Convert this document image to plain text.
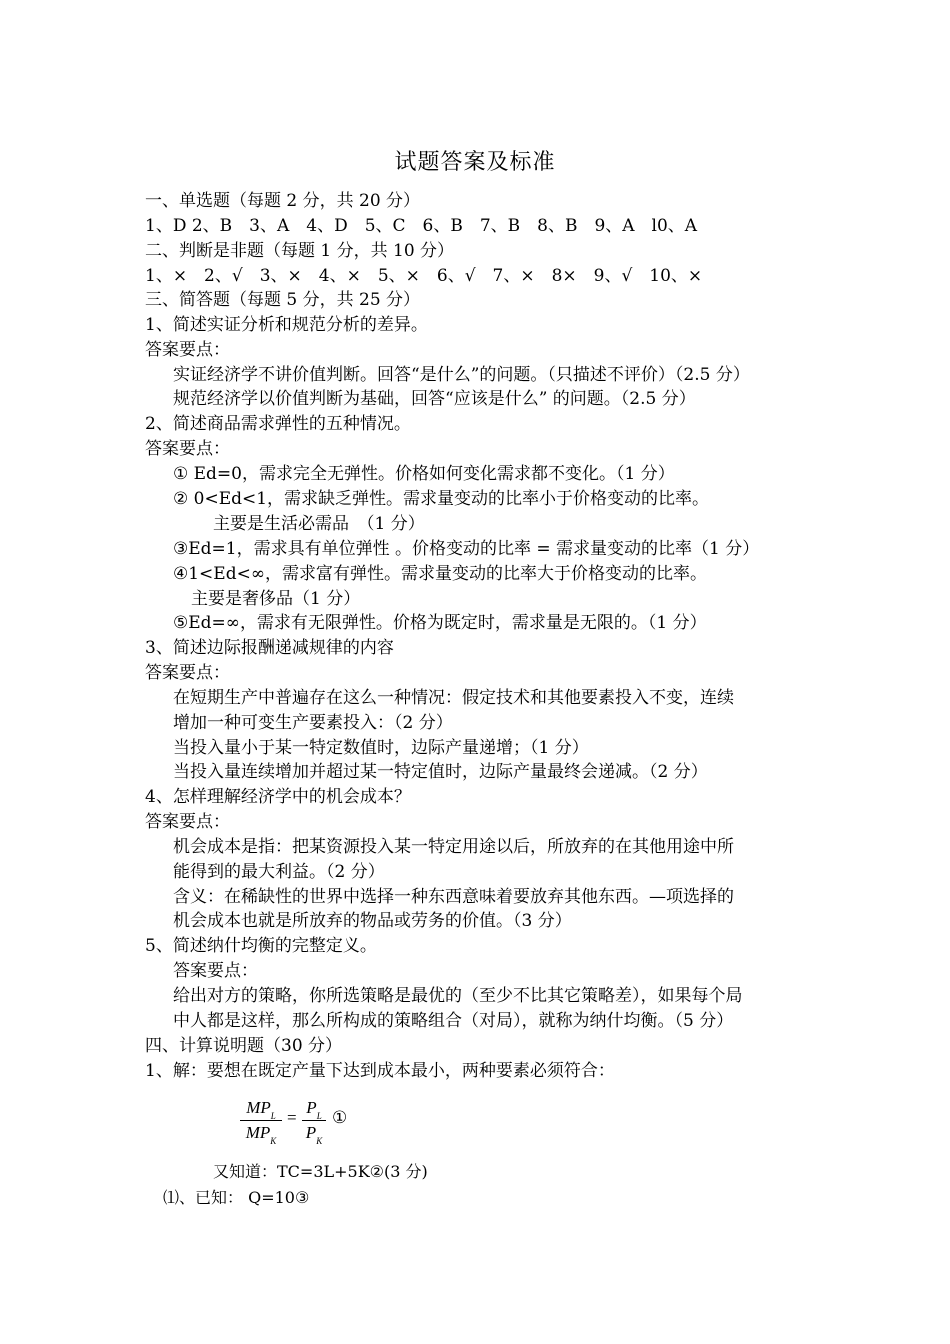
试题答案及标准
一、单选题（每题 2 分，共 20 分）
1、D 2、B　3、A　4、D　5、C　6、B　7、B　8、B　9、A　l0、A
二、判断是非题（每题 1 分，共 10 分）
1、×　2、√　3、×　4、×　5、×　6、√　7、×　8×　9、√　10、×
三、简答题（每题 5 分，共 25 分）
1、简述实证分析和规范分析的差异。
答案要点：
实证经济学不讲价值判断。回答“是什么”的问题。（只描述不评价）（2.5 分）
规范经济学以价值判断为基础，回答“应该是什么” 的问题。（2.5 分）
2、简述商品需求弹性的五种情况。
答案要点：
① Ed=0，需求完全无弹性。价格如何变化需求都不变化。（1 分）
② 0<Ed<1，需求缺乏弹性。需求量变动的比率小于价格变动的比率。
主要是生活必需品　（1 分）
③Ed=1，需求具有单位弹性 。价格变动的比率 = 需求量变动的比率（1 分）
④1<Ed<∞，需求富有弹性。需求量变动的比率大于价格变动的比率。
主要是奢侈品（1 分）
⑤Ed=∞，需求有无限弹性。价格为既定时，需求量是无限的。（1 分）
3、简述边际报酬递减规律的内容
答案要点：
在短期生产中普遍存在这么一种情况：假定技术和其他要素投入不变，连续
增加一种可变生产要素投入：（2 分）
当投入量小于某一特定数值时，边际产量递增；（1 分）
当投入量连续增加并超过某一特定值时，边际产量最终会递减。（2 分）
4、怎样理解经济学中的机会成本？
答案要点：
机会成本是指：把某资源投入某一特定用途以后，所放弃的在其他用途中所
能得到的最大利益。（2 分）
含义：在稀缺性的世界中选择一种东西意味着要放弃其他东西。—项选择的
机会成本也就是所放弃的物品或劳务的价值。（3 分）
5、简述纳什均衡的完整定义。
答案要点：
给出对方的策略，你所选策略是最优的（至少不比其它策略差），如果每个局
中人都是这样，那么所构成的策略组合（对局），就称为纳什均衡。（5 分）
四、计算说明题（30 分）
1、解：要想在既定产量下达到成本最小，两种要素必须符合：
$MP_L$
$MP_K$
=
$P_L$
$P_K$
①
又知道：TC=3L+5K②(3 分)
⑴、已知： Q=10③
